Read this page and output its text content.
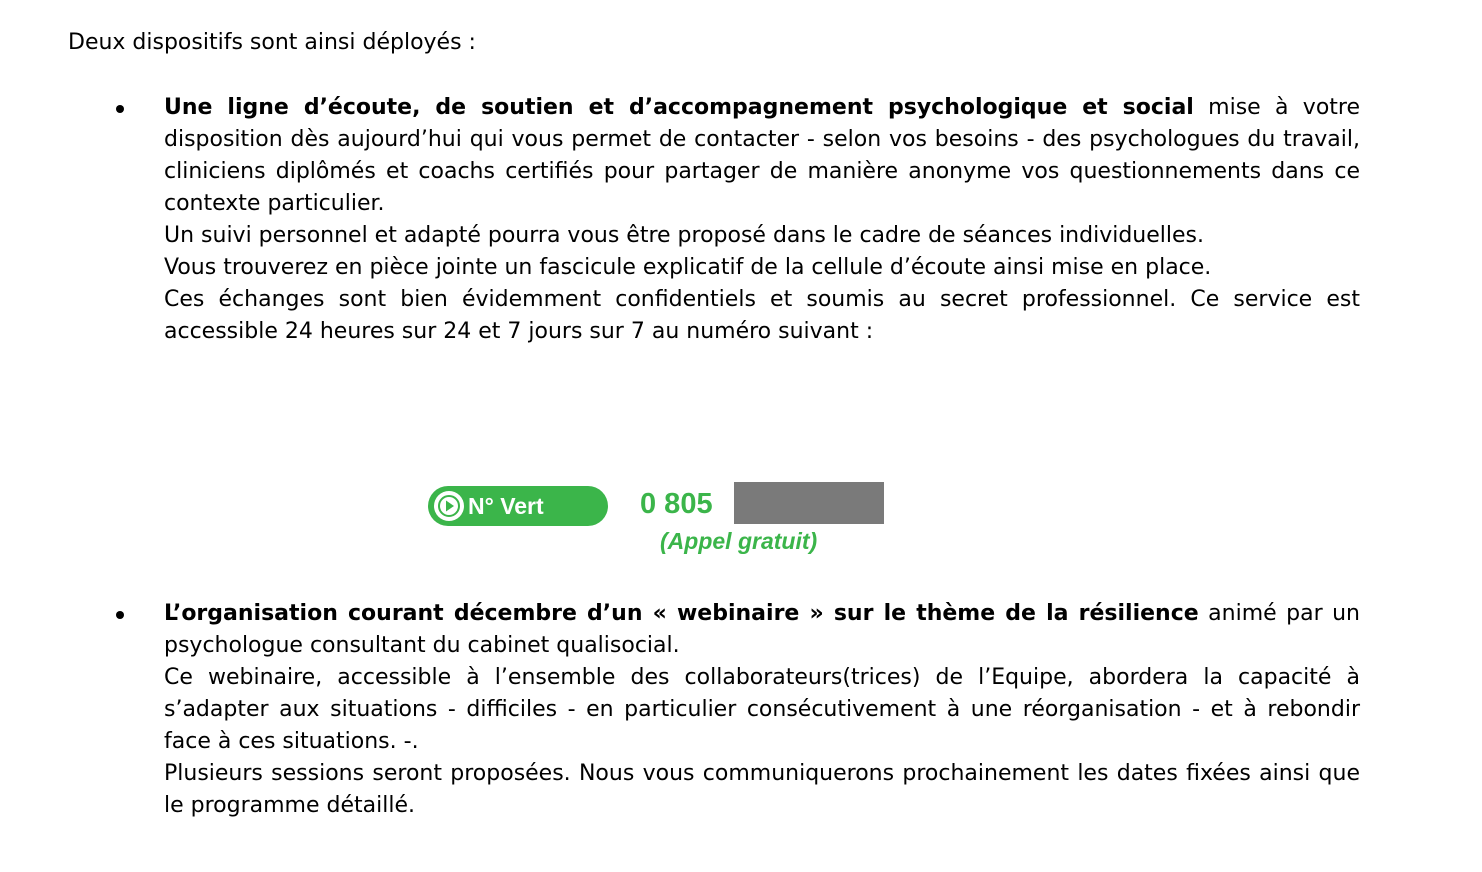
Deux dispositifs sont ainsi déployés :

Une ligne d’écoute, de soutien et d’accompagnement psychologique et social mise à votre disposition dès aujourd’hui qui vous permet de contacter - selon vos besoins - des psychologues du travail, cliniciens diplômés et coachs certifiés pour partager de manière anonyme vos questionnements dans ce contexte particulier.

Un suivi personnel et adapté pourra vous être proposé dans le cadre de séances individuelles.

Vous trouverez en pièce jointe un fascicule explicatif de la cellule d’écoute ainsi mise en place.

Ces échanges sont bien évidemment confidentiels et soumis au secret professionnel. Ce service est accessible 24 heures sur 24 et 7 jours sur 7 au numéro suivant :

N° Vert	0 805
(Appel gratuit)

L’organisation courant décembre d’un « webinaire » sur le thème de la résilience animé par un psychologue consultant du cabinet qualisocial.

Ce webinaire, accessible à l’ensemble des collaborateurs(trices) de l’Equipe, abordera la capacité à s’adapter aux situations - difficiles - en particulier consécutivement à une réorganisation - et à rebondir face à ces situations. -.

Plusieurs sessions seront proposées. Nous vous communiquerons prochainement les dates fixées ainsi que le programme détaillé.
